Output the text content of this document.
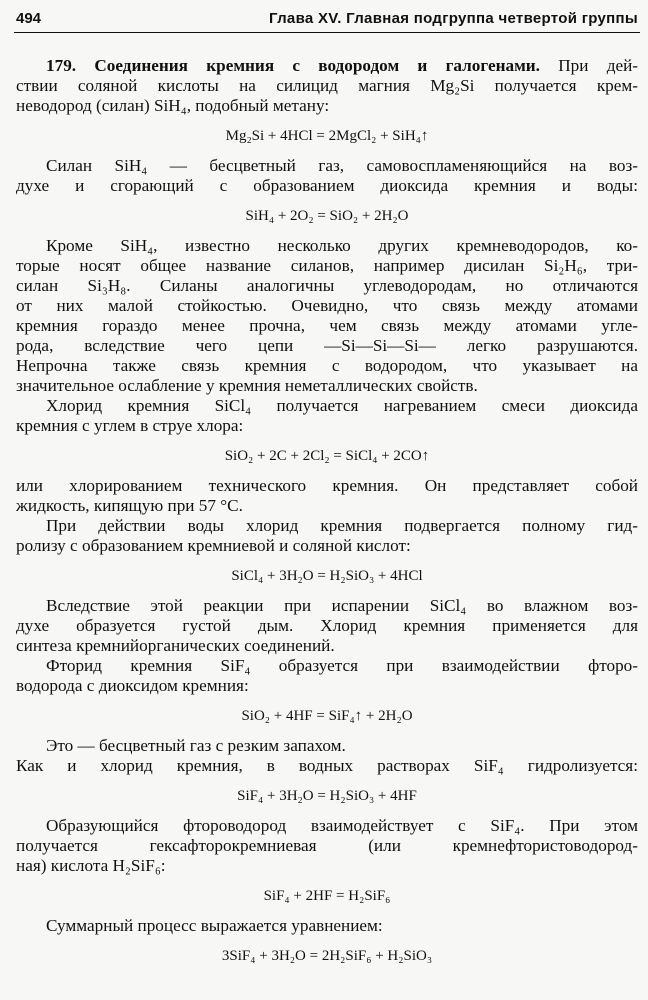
494	Глава XV. Главная подгруппа четвертой группы
179. Соединения кремния с водородом и галогенами. При дей-
ствии соляной кислоты на силицид магния Mg₂Si получается крем-
неводород (силан) SiH₄, подобный метану:
Mg₂Si + 4HCl = 2MgCl₂ + SiH₄↑
Силан SiH₄ — бесцветный газ, самовоспламеняющийся на воз-
духе и сгорающий с образованием диоксида кремния и воды:
SiH₄ + 2O₂ = SiO₂ + 2H₂O
Кроме SiH₄, известно несколько других кремневодородов, ко-
торые носят общее название силанов, например дисилан Si₂H₆, три-
силан Si₃H₈. Силаны аналогичны углеводородам, но отличаются
от них малой стойкостью. Очевидно, что связь между атомами
кремния гораздо менее прочна, чем связь между атомами угле-
рода, вследствие чего цепи —Si—Si—Si— легко разрушаются.
Непрочна также связь кремния с водородом, что указывает на
значительное ослабление у кремния неметаллических свойств.
Хлорид кремния SiCl₄ получается нагреванием смеси диоксида
кремния с углем в струе хлора:
SiO₂ + 2C + 2Cl₂ = SiCl₄ + 2CO↑
или хлорированием технического кремния. Он представляет собой
жидкость, кипящую при 57 °C.
При действии воды хлорид кремния подвергается полному гид-
ролизу с образованием кремниевой и соляной кислот:
SiCl₄ + 3H₂O = H₂SiO₃ + 4HCl
Вследствие этой реакции при испарении SiCl₄ во влажном воз-
духе образуется густой дым. Хлорид кремния применяется для
синтеза кремнийорганических соединений.
Фторид кремния SiF₄ образуется при взаимодействии фторо-
водорода с диоксидом кремния:
SiO₂ + 4HF = SiF₄↑ + 2H₂O
Это — бесцветный газ с резким запахом.
Как и хлорид кремния, в водных растворах SiF₄ гидролизуется:
SiF₄ + 3H₂O = H₂SiO₃ + 4HF
Образующийся фтороводород взаимодействует с SiF₄. При этом
получается гексафторокремниевая (или кремнефтористоводород-
ная) кислота H₂SiF₆:
SiF₄ + 2HF = H₂SiF₆
Суммарный процесс выражается уравнением:
3SiF₄ + 3H₂O = 2H₂SiF₆ + H₂SiO₃
